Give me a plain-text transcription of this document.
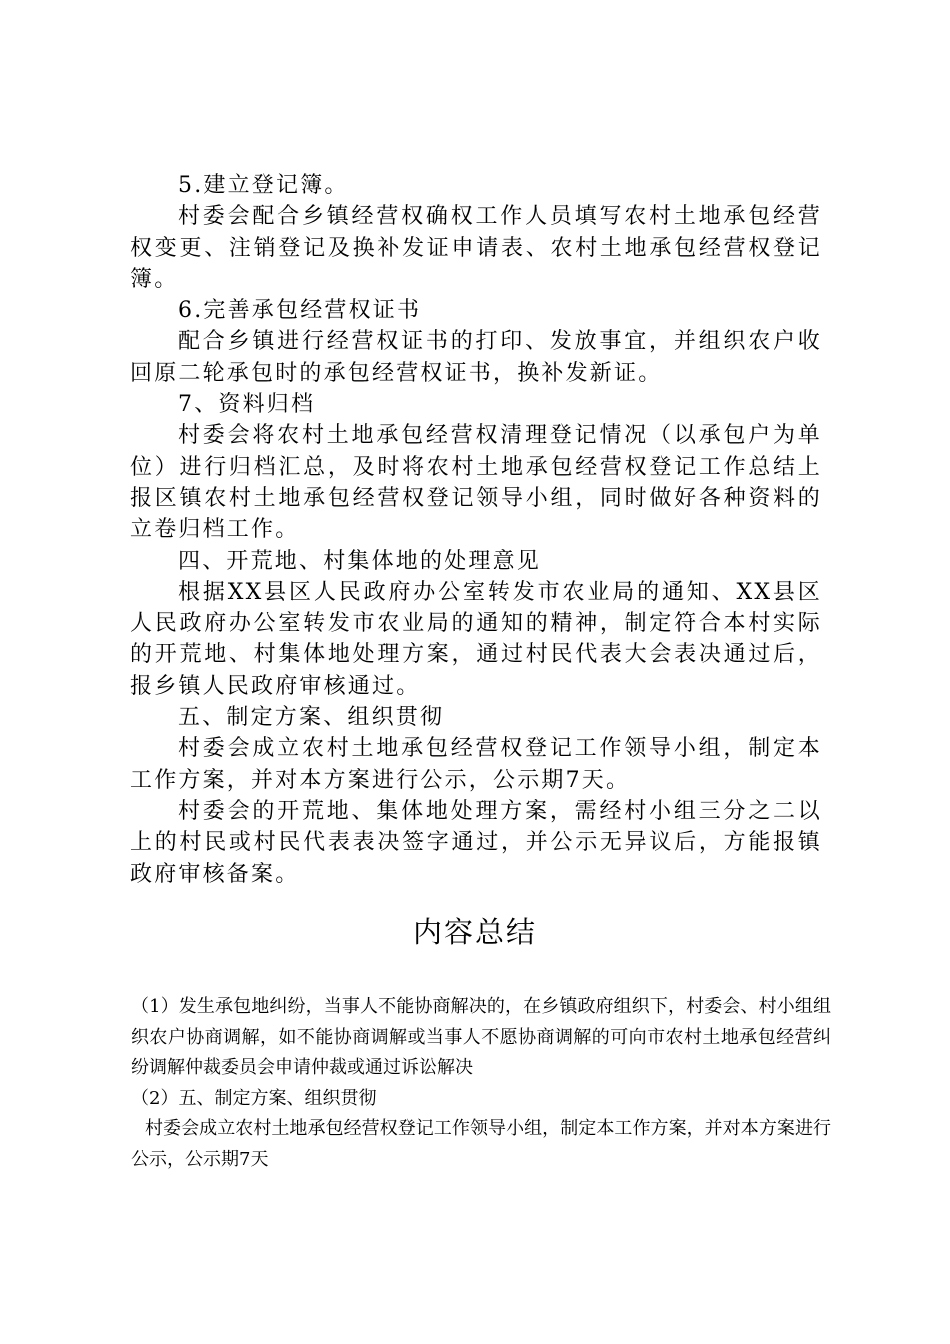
5.建立登记簿。

村委会配合乡镇经营权确权工作人员填写农村土地承包经营权变更、注销登记及换补发证申请表、农村土地承包经营权登记簿。

6.完善承包经营权证书

配合乡镇进行经营权证书的打印、发放事宜，并组织农户收回原二轮承包时的承包经营权证书，换补发新证。

7、资料归档

村委会将农村土地承包经营权清理登记情况（以承包户为单位）进行归档汇总，及时将农村土地承包经营权登记工作总结上报区镇农村土地承包经营权登记领导小组，同时做好各种资料的立卷归档工作。

四、开荒地、村集体地的处理意见

根据XX县区人民政府办公室转发市农业局的通知、XX县区人民政府办公室转发市农业局的通知的精神，制定符合本村实际的开荒地、村集体地处理方案，通过村民代表大会表决通过后，报乡镇人民政府审核通过。

五、制定方案、组织贯彻

村委会成立农村土地承包经营权登记工作领导小组，制定本工作方案，并对本方案进行公示，公示期7天。

村委会的开荒地、集体地处理方案，需经村小组三分之二以上的村民或村民代表表决签字通过，并公示无异议后，方能报镇政府审核备案。

内容总结

（1）发生承包地纠纷，当事人不能协商解决的，在乡镇政府组织下，村委会、村小组组织农户协商调解，如不能协商调解或当事人不愿协商调解的可向市农村土地承包经营纠纷调解仲裁委员会申请仲裁或通过诉讼解决

（2）五、制定方案、组织贯彻

村委会成立农村土地承包经营权登记工作领导小组，制定本工作方案，并对本方案进行公示，公示期7天
